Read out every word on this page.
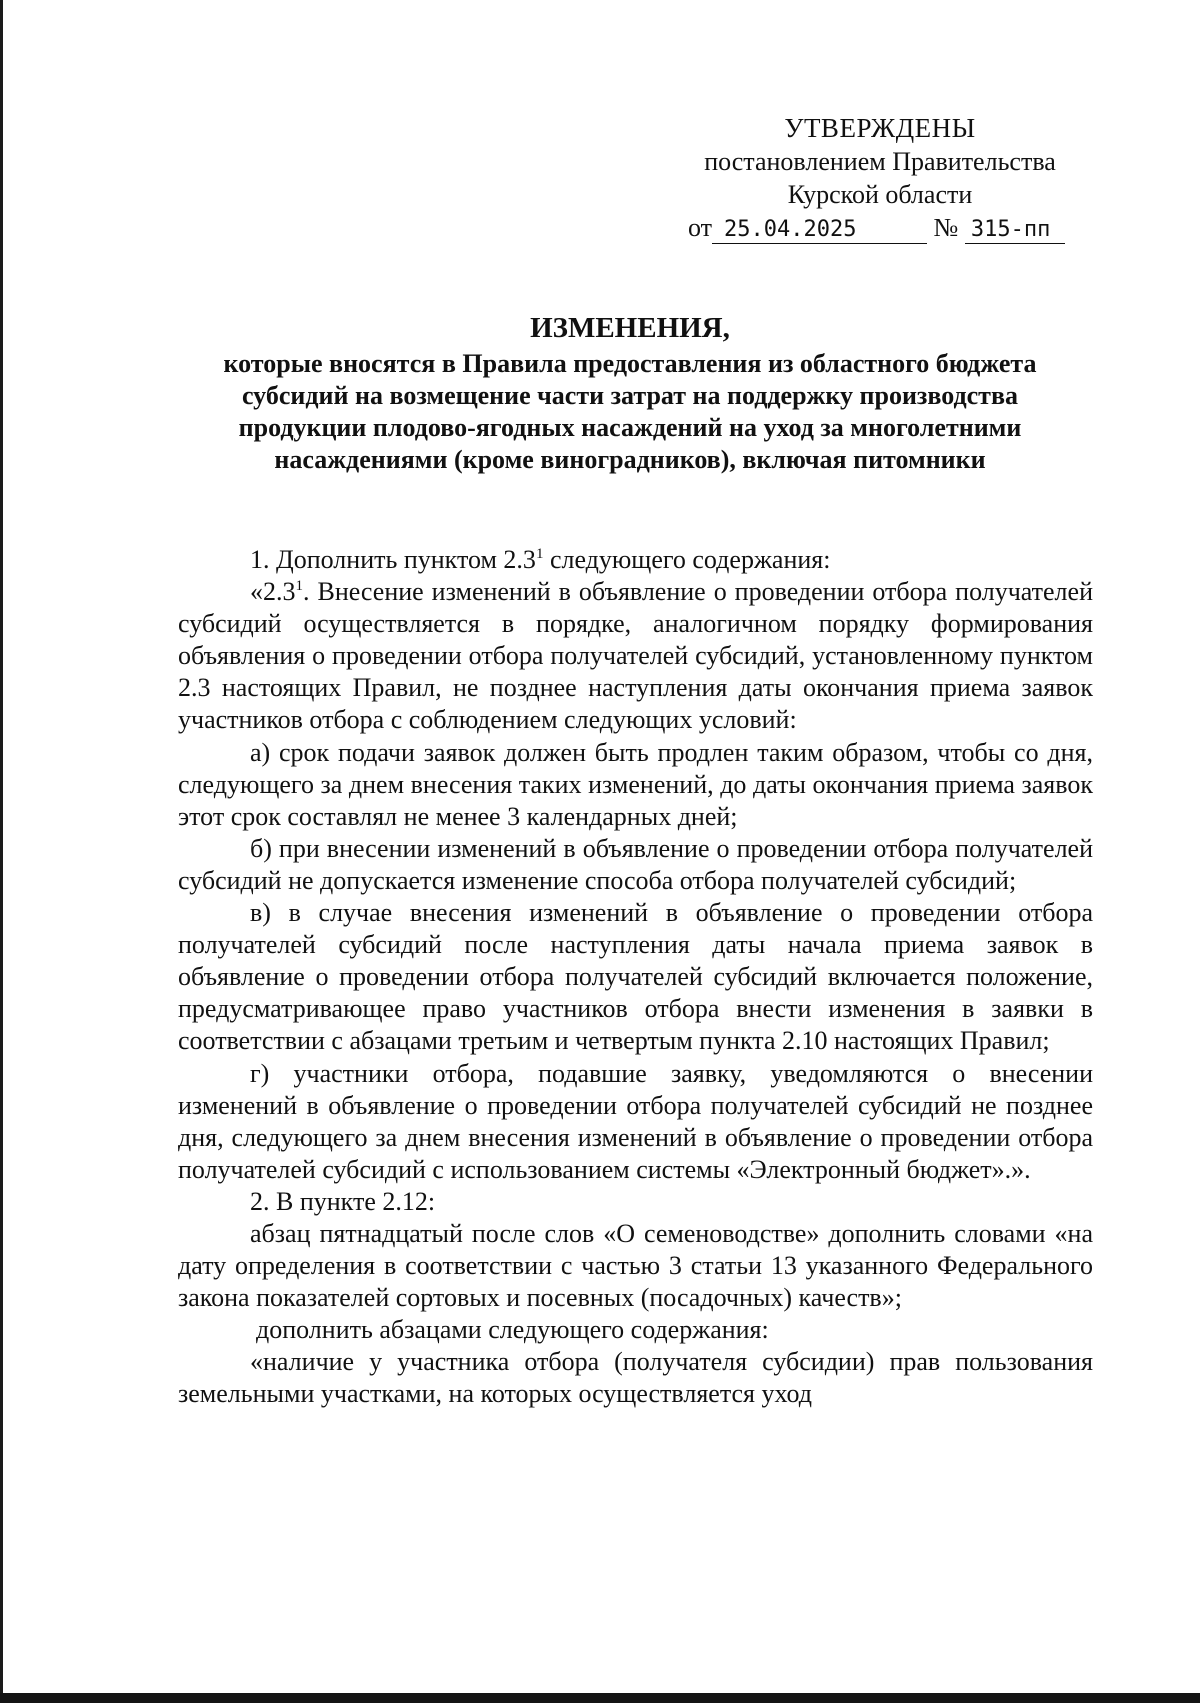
УТВЕРЖДЕНЫ
постановлением Правительства
Курской области
от 25.04.2025	№ 315-пп
ИЗМЕНЕНИЯ,
которые вносятся в Правила предоставления из областного бюджета
субсидий на возмещение части затрат на поддержку производства
продукции плодово-ягодных насаждений на уход за многолетними
насаждениями (кроме виноградников), включая питомники

1. Дополнить пунктом $2.3^1$ следующего содержания:

«$2.3^1$. Внесение изменений в объявление о проведении отбора получателей субсидий осуществляется в порядке, аналогичном порядку формирования объявления о проведении отбора получателей субсидий, установленному пунктом 2.3 настоящих Правил, не позднее наступления даты окончания приема заявок участников отбора с соблюдением следующих условий:

а) срок подачи заявок должен быть продлен таким образом, чтобы со дня, следующего за днем внесения таких изменений, до даты окончания приема заявок этот срок составлял не менее 3 календарных дней;

б) при внесении изменений в объявление о проведении отбора получателей субсидий не допускается изменение способа отбора получателей субсидий;

в) в случае внесения изменений в объявление о проведении отбора получателей субсидий после наступления даты начала приема заявок в объявление о проведении отбора получателей субсидий включается положение, предусматривающее право участников отбора внести изменения в заявки в соответствии с абзацами третьим и четвертым пункта 2.10 настоящих Правил;

г) участники отбора, подавшие заявку, уведомляются о внесении изменений в объявление о проведении отбора получателей субсидий не позднее дня, следующего за днем внесения изменений в объявление о проведении отбора получателей субсидий с использованием системы «Электронный бюджет».».

2. В пункте 2.12:

абзац пятнадцатый после слов «О семеноводстве» дополнить словами «на дату определения в соответствии с частью 3 статьи 13 указанного Федерального закона показателей сортовых и посевных (посадочных) качеств»;

дополнить абзацами следующего содержания:

«наличие у участника отбора (получателя субсидии) прав пользования земельными участками, на которых осуществляется уход
